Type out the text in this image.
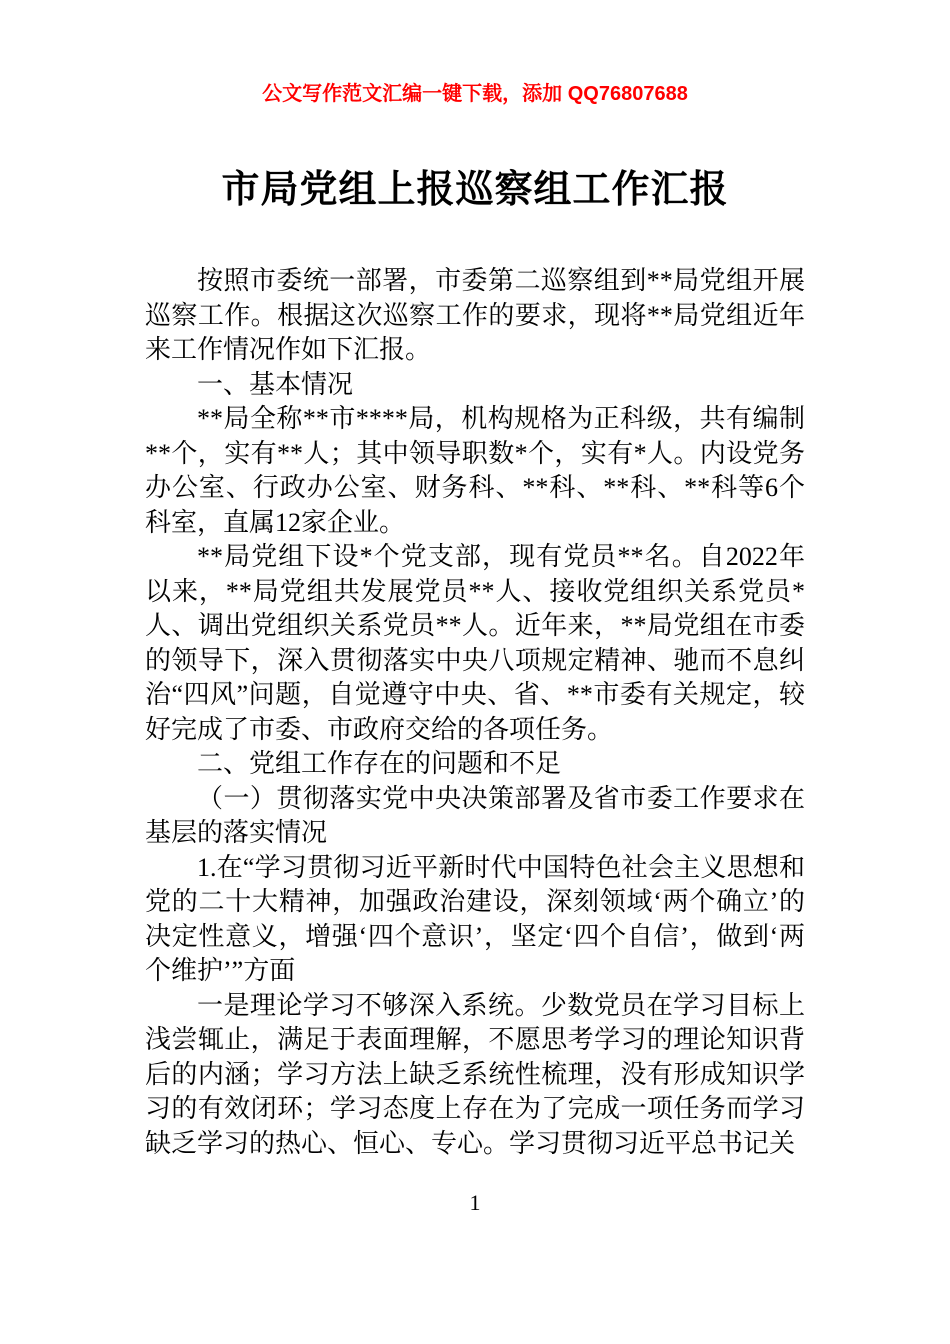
公文写作范文汇编一键下载，添加 QQ76807688
市局党组上报巡察组工作汇报

按照市委统一部署，市委第二巡察组到**局党组开展巡察工作。根据这次巡察工作的要求，现将**局党组近年来工作情况作如下汇报。

一、基本情况

**局全称**市****局，机构规格为正科级，共有编制**个，实有**人；其中领导职数*个，实有*人。内设党务办公室、行政办公室、财务科、**科、**科、**科等6个科室，直属12家企业。

**局党组下设*个党支部，现有党员**名。自2022年以来，**局党组共发展党员**人、接收党组织关系党员*人、调出党组织关系党员**人。近年来，**局党组在市委的领导下，深入贯彻落实中央八项规定精神、驰而不息纠治“四风”问题，自觉遵守中央、省、**市委有关规定，较好完成了市委、市政府交给的各项任务。

二、党组工作存在的问题和不足

（一）贯彻落实党中央决策部署及省市委工作要求在基层的落实情况

1.在“学习贯彻习近平新时代中国特色社会主义思想和党的二十大精神，加强政治建设，深刻领域‘两个确立’的决定性意义，增强‘四个意识’，坚定‘四个自信’，做到‘两个维护’”方面

一是理论学习不够深入系统。少数党员在学习目标上浅尝辄止，满足于表面理解，不愿思考学习的理论知识背后的内涵；学习方法上缺乏系统性梳理，没有形成知识学习的有效闭环；学习态度上存在为了完成一项任务而学习缺乏学习的热心、恒心、专心。学习贯彻习近平总书记关

1
